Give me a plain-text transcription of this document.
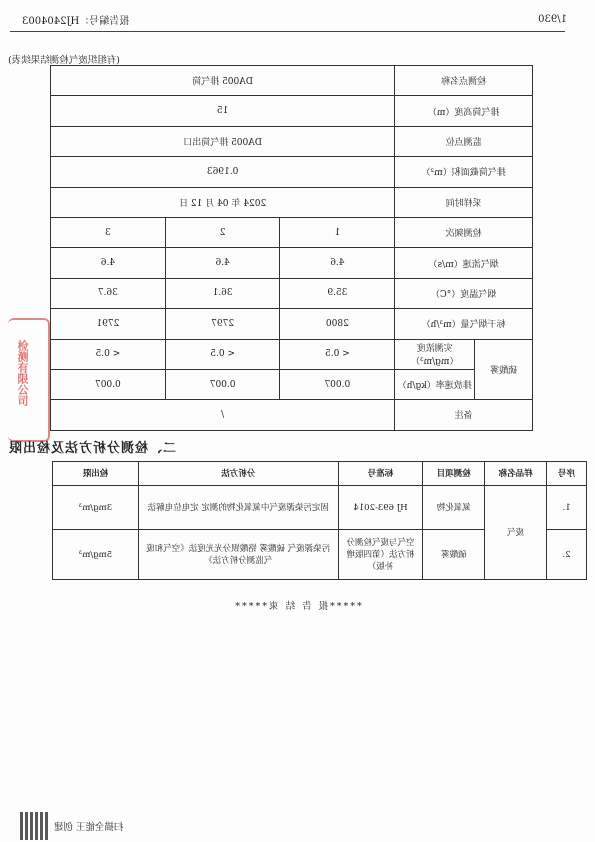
1/930
报告编号：HJ2404003
(有组织废气检测结果续表)
检测点名称		DA005 排气筒		
排气筒高度（m）		15		
监测点位		DA005 排气筒出口		
排气筒截面积（m²）		0.1963		
采样时间		2024 年 04 月 12 日		
检测频次		1	2	3
烟气流速（m/s）		4.6	4.6	4.6
烟气温度（°C）		35.9	36.1	36.7
标干烟气量（m³/h）		2800	2797	2791
硫酸雾	实测浓度（mg/m³）	< 0.5	< 0.5	< 0.5
	排放速率（kg/h）	0.007	0.007	0.007
备注		/		
二、检测分析方法及检出限
序号	样品名称	检测项目	标准号	分析方法	检出限
1.	废气	氮氧化物	HJ 693-2014	固定污染源废气中氮氧化物的测定 定电位电解法	3mg/m³
2.		硫酸雾	空气与废气检测分析方法（第四版增补版）	污染源废气 硫酸雾 铬酸钡分光光度法《空气和废气监测分析方法》	5mg/m³
*****报 告 结 束*****
扫描全能王 创建
检测有限公司
